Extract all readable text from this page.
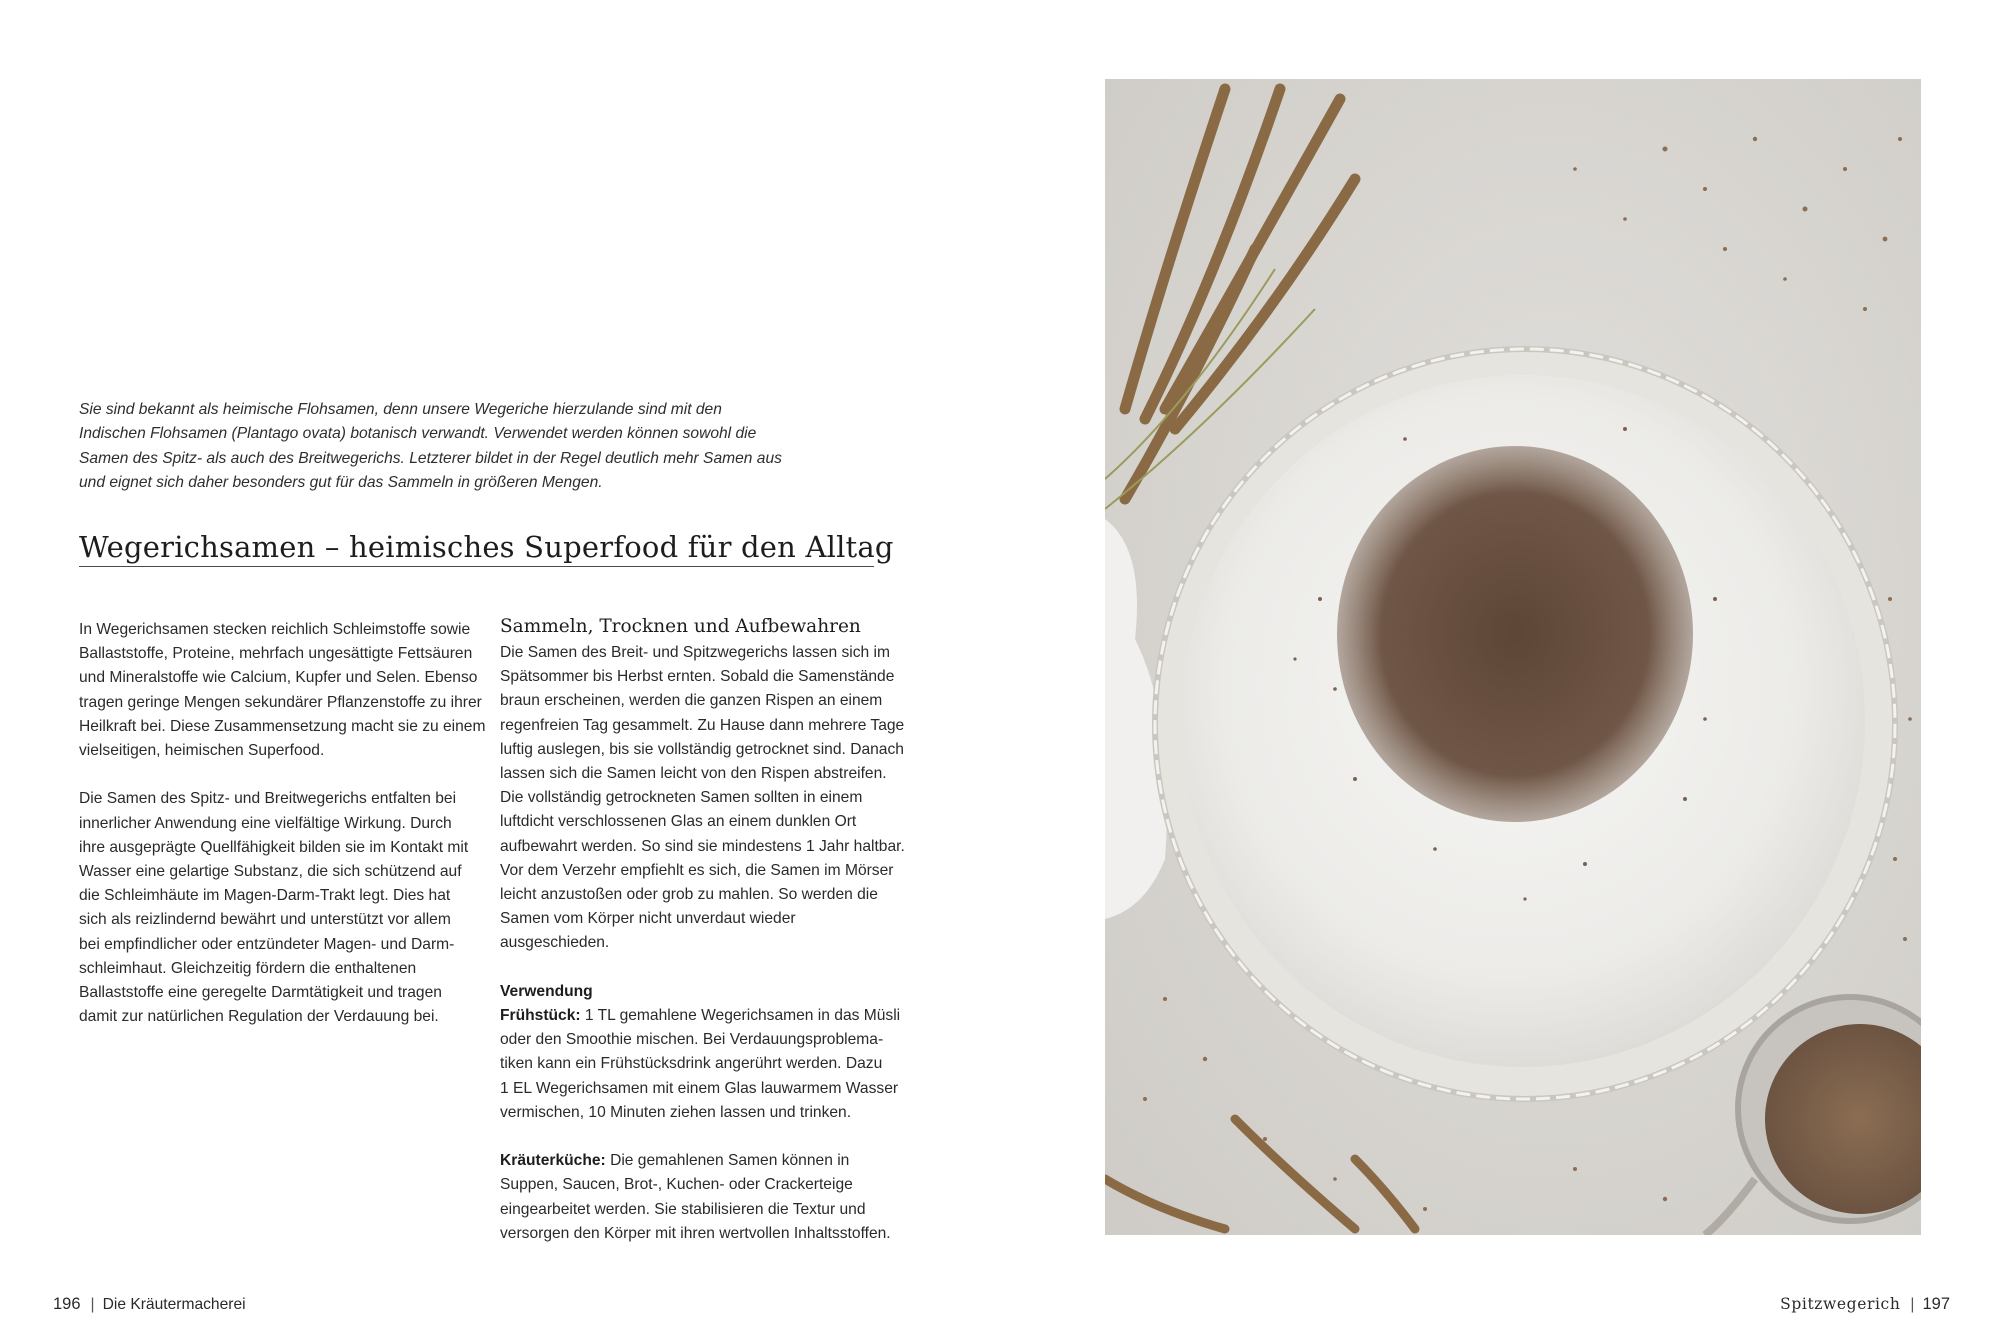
Sie sind bekannt als heimische Flohsamen, denn unsere Wegeriche hierzulande sind mit den
Indischen Flohsamen (Plantago ovata) botanisch verwandt. Verwendet werden können sowohl die
Samen des Spitz- als auch des Breitwegerichs. Letzterer bildet in der Regel deutlich mehr Samen aus
und eignet sich daher besonders gut für das Sammeln in größeren Mengen.

Wegerichsamen – heimisches Superfood für den Alltag

In Wegerichsamen stecken reichlich Schleimstoffe sowie
Ballaststoffe, Proteine, mehrfach ungesättigte Fettsäuren
und Mineralstoffe wie Calcium, Kupfer und Selen. Ebenso
tragen geringe Mengen sekundärer Pflanzenstoffe zu ihrer
Heilkraft bei. Diese Zusammensetzung macht sie zu einem
vielseitigen, heimischen Superfood.

Die Samen des Spitz- und Breitwegerichs entfalten bei
innerlicher Anwendung eine vielfältige Wirkung. Durch
ihre ausgeprägte Quellfähigkeit bilden sie im Kontakt mit
Wasser eine gelartige Substanz, die sich schützend auf
die Schleimhäute im Magen-Darm-Trakt legt. Dies hat
sich als reizlindernd bewährt und unterstützt vor allem
bei empfindlicher oder entzündeter Magen- und Darm-
schleimhaut. Gleichzeitig fördern die enthaltenen
Ballaststoffe eine geregelte Darmtätigkeit und tragen
damit zur natürlichen Regulation der Verdauung bei.

Sammeln, Trocknen und Aufbewahren

Die Samen des Breit- und Spitzwegerichs lassen sich im
Spätsommer bis Herbst ernten. Sobald die Samenstände
braun erscheinen, werden die ganzen Rispen an einem
regenfreien Tag gesammelt. Zu Hause dann mehrere Tage
luftig auslegen, bis sie vollständig getrocknet sind. Danach
lassen sich die Samen leicht von den Rispen abstreifen.
Die vollständig getrockneten Samen sollten in einem
luftdicht verschlossenen Glas an einem dunklen Ort
aufbewahrt werden. So sind sie mindestens 1 Jahr haltbar.
Vor dem Verzehr empfiehlt es sich, die Samen im Mörser
leicht anzustoßen oder grob zu mahlen. So werden die
Samen vom Körper nicht unverdaut wieder
ausgeschieden.

Verwendung
Frühstück: 1 TL gemahlene Wegerichsamen in das Müsli
oder den Smoothie mischen. Bei Verdauungsproblema-
tiken kann ein Frühstücksdrink angerührt werden. Dazu
1 EL Wegerichsamen mit einem Glas lauwarmem Wasser
vermischen, 10 Minuten ziehen lassen und trinken.

Kräuterküche: Die gemahlenen Samen können in
Suppen, Saucen, Brot-, Kuchen- oder Crackerteige
eingearbeitet werden. Sie stabilisieren die Textur und
versorgen den Körper mit ihren wertvollen Inhaltsstoffen.

196 | Die Kräutermacherei	Spitzwegerich | 197
